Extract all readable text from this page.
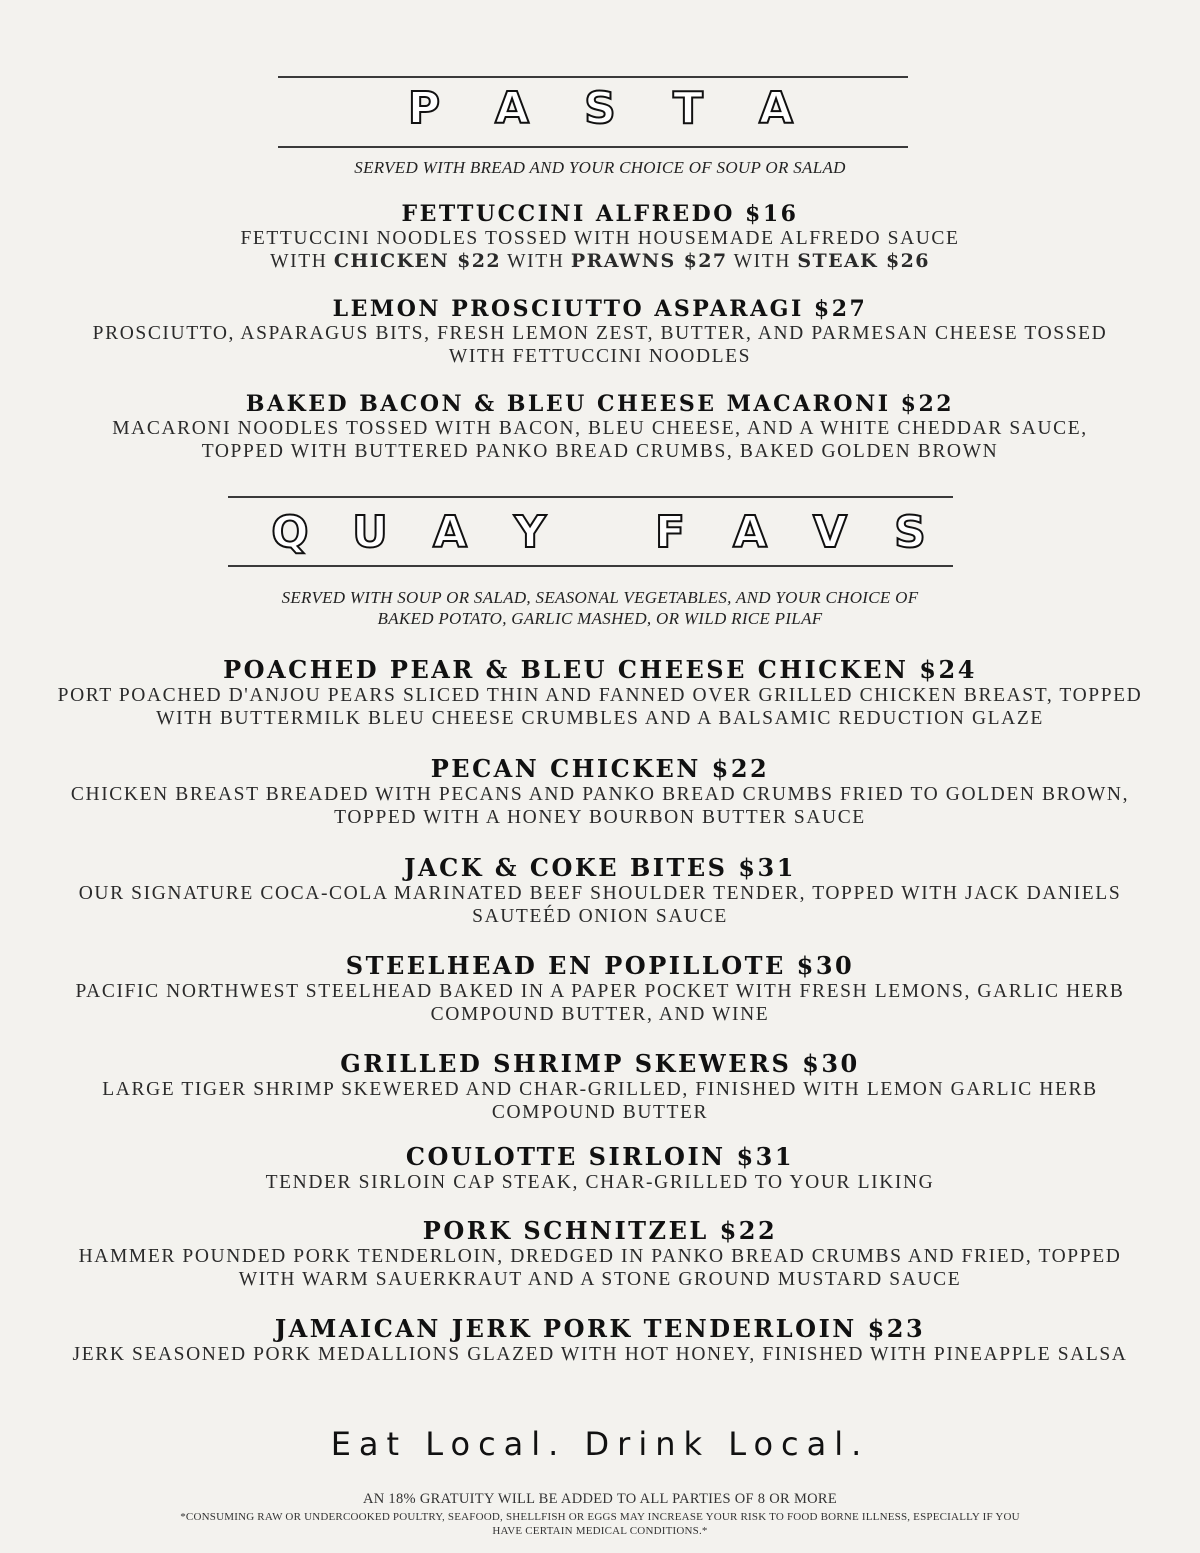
P A S T A
SERVED WITH BREAD AND YOUR CHOICE OF SOUP OR SALAD
FETTUCCINI ALFREDO $16
FETTUCCINI NOODLES TOSSED WITH HOUSEMADE ALFREDO SAUCE
WITH CHICKEN $22 WITH PRAWNS $27 WITH STEAK $26
LEMON PROSCIUTTO ASPARAGI $27
PROSCIUTTO, ASPARAGUS BITS, FRESH LEMON ZEST, BUTTER, AND PARMESAN CHEESE TOSSED
WITH FETTUCCINI NOODLES
BAKED BACON & BLEU CHEESE MACARONI $22
MACARONI NOODLES TOSSED WITH BACON, BLEU CHEESE, AND A WHITE CHEDDAR SAUCE,
TOPPED WITH BUTTERED PANKO BREAD CRUMBS, BAKED GOLDEN BROWN
Q U A Y F A V S
SERVED WITH SOUP OR SALAD, SEASONAL VEGETABLES, AND YOUR CHOICE OF
BAKED POTATO, GARLIC MASHED, OR WILD RICE PILAF
POACHED PEAR & BLEU CHEESE CHICKEN $24
PORT POACHED D'ANJOU PEARS SLICED THIN AND FANNED OVER GRILLED CHICKEN BREAST, TOPPED
WITH BUTTERMILK BLEU CHEESE CRUMBLES AND A BALSAMIC REDUCTION GLAZE
PECAN CHICKEN $22
CHICKEN BREAST BREADED WITH PECANS AND PANKO BREAD CRUMBS FRIED TO GOLDEN BROWN,
TOPPED WITH A HONEY BOURBON BUTTER SAUCE
JACK & COKE BITES $31
OUR SIGNATURE COCA-COLA MARINATED BEEF SHOULDER TENDER, TOPPED WITH JACK DANIELS
SAUTEÉD ONION SAUCE
STEELHEAD EN POPILLOTE $30
PACIFIC NORTHWEST STEELHEAD BAKED IN A PAPER POCKET WITH FRESH LEMONS, GARLIC HERB
COMPOUND BUTTER, AND WINE
GRILLED SHRIMP SKEWERS $30
LARGE TIGER SHRIMP SKEWERED AND CHAR-GRILLED, FINISHED WITH LEMON GARLIC HERB
COMPOUND BUTTER
COULOTTE SIRLOIN $31
TENDER SIRLOIN CAP STEAK, CHAR-GRILLED TO YOUR LIKING
PORK SCHNITZEL $22
HAMMER POUNDED PORK TENDERLOIN, DREDGED IN PANKO BREAD CRUMBS AND FRIED, TOPPED
WITH WARM SAUERKRAUT AND A STONE GROUND MUSTARD SAUCE
JAMAICAN JERK PORK TENDERLOIN $23
JERK SEASONED PORK MEDALLIONS GLAZED WITH HOT HONEY, FINISHED WITH PINEAPPLE SALSA
Eat Local. Drink Local.
AN 18% GRATUITY WILL BE ADDED TO ALL PARTIES OF 8 OR MORE
*CONSUMING RAW OR UNDERCOOKED POULTRY, SEAFOOD, SHELLFISH OR EGGS MAY INCREASE YOUR RISK TO FOOD BORNE ILLNESS, ESPECIALLY IF YOU
HAVE CERTAIN MEDICAL CONDITIONS.*
